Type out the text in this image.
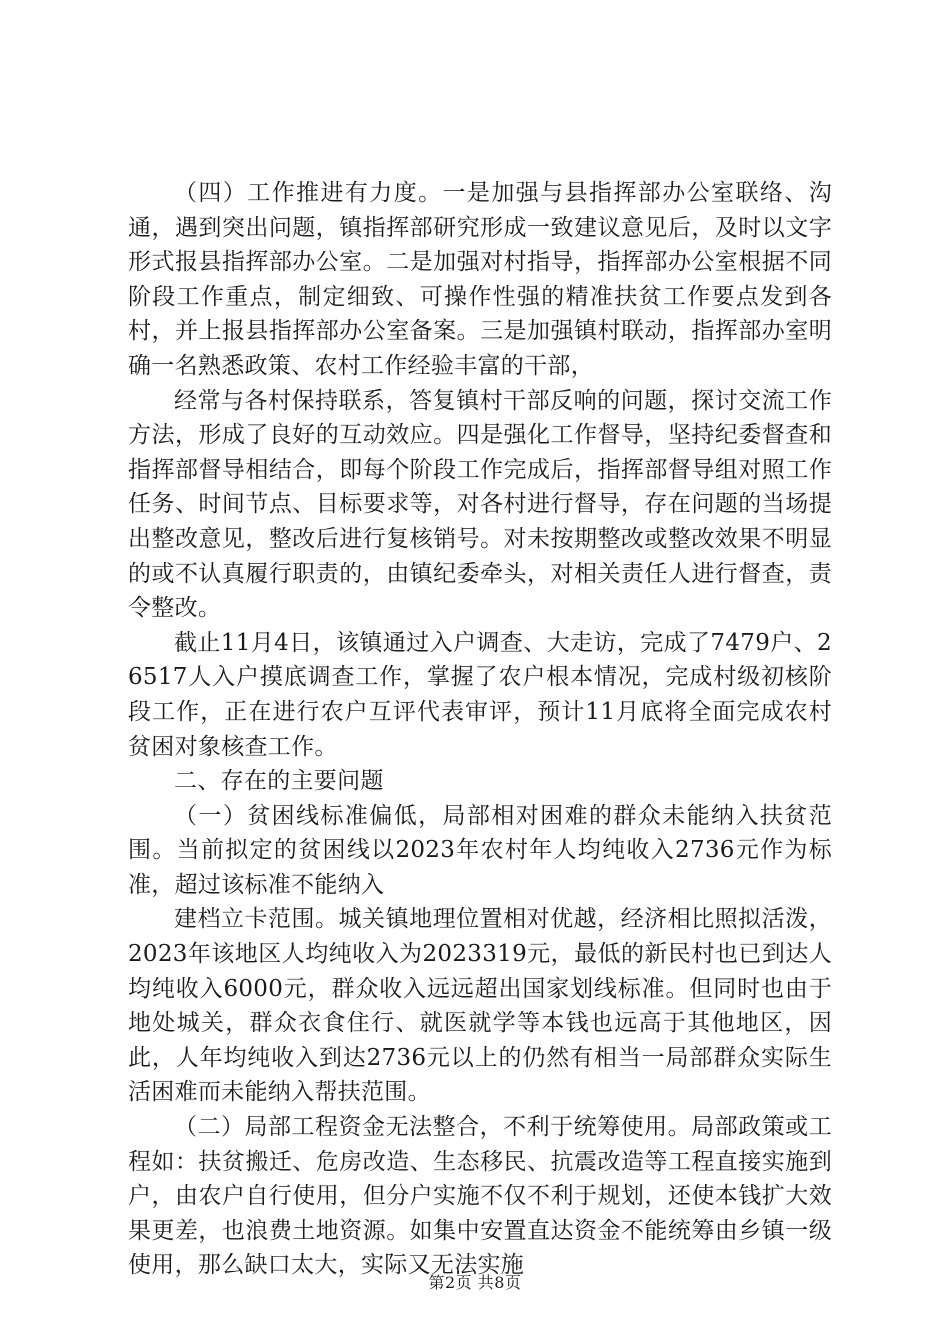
（四）工作推进有力度。一是加强与县指挥部办公室联络、沟通，遇到突出问题，镇指挥部研究形成一致建议意见后，及时以文字形式报县指挥部办公室。二是加强对村指导，指挥部办公室根据不同阶段工作重点，制定细致、可操作性强的精准扶贫工作要点发到各村，并上报县指挥部办公室备案。三是加强镇村联动，指挥部办室明确一名熟悉政策、农村工作经验丰富的干部，

经常与各村保持联系，答复镇村干部反响的问题，探讨交流工作方法，形成了良好的互动效应。四是强化工作督导，坚持纪委督查和指挥部督导相结合，即每个阶段工作完成后，指挥部督导组对照工作任务、时间节点、目标要求等，对各村进行督导，存在问题的当场提出整改意见，整改后进行复核销号。对未按期整改或整改效果不明显的或不认真履行职责的，由镇纪委牵头，对相关责任人进行督查，责令整改。

截止11月4日，该镇通过入户调查、大走访，完成了7479户、26517人入户摸底调查工作，掌握了农户根本情况，完成村级初核阶段工作，正在进行农户互评代表审评，预计11月底将全面完成农村贫困对象核查工作。

二、存在的主要问题

（一）贫困线标准偏低，局部相对困难的群众未能纳入扶贫范围。当前拟定的贫困线以2023年农村年人均纯收入2736元作为标准，超过该标准不能纳入

建档立卡范围。城关镇地理位置相对优越，经济相比照拟活泼，2023年该地区人均纯收入为2023319元，最低的新民村也已到达人均纯收入6000元，群众收入远远超出国家划线标准。但同时也由于地处城关，群众衣食住行、就医就学等本钱也远高于其他地区，因此，人年均纯收入到达2736元以上的仍然有相当一局部群众实际生活困难而未能纳入帮扶范围。

（二）局部工程资金无法整合，不利于统筹使用。局部政策或工程如：扶贫搬迁、危房改造、生态移民、抗震改造等工程直接实施到户，由农户自行使用，但分户实施不仅不利于规划，还使本钱扩大效果更差，也浪费土地资源。如集中安置直达资金不能统筹由乡镇一级使用，那么缺口太大，实际又无法实施

第2页 共8页
